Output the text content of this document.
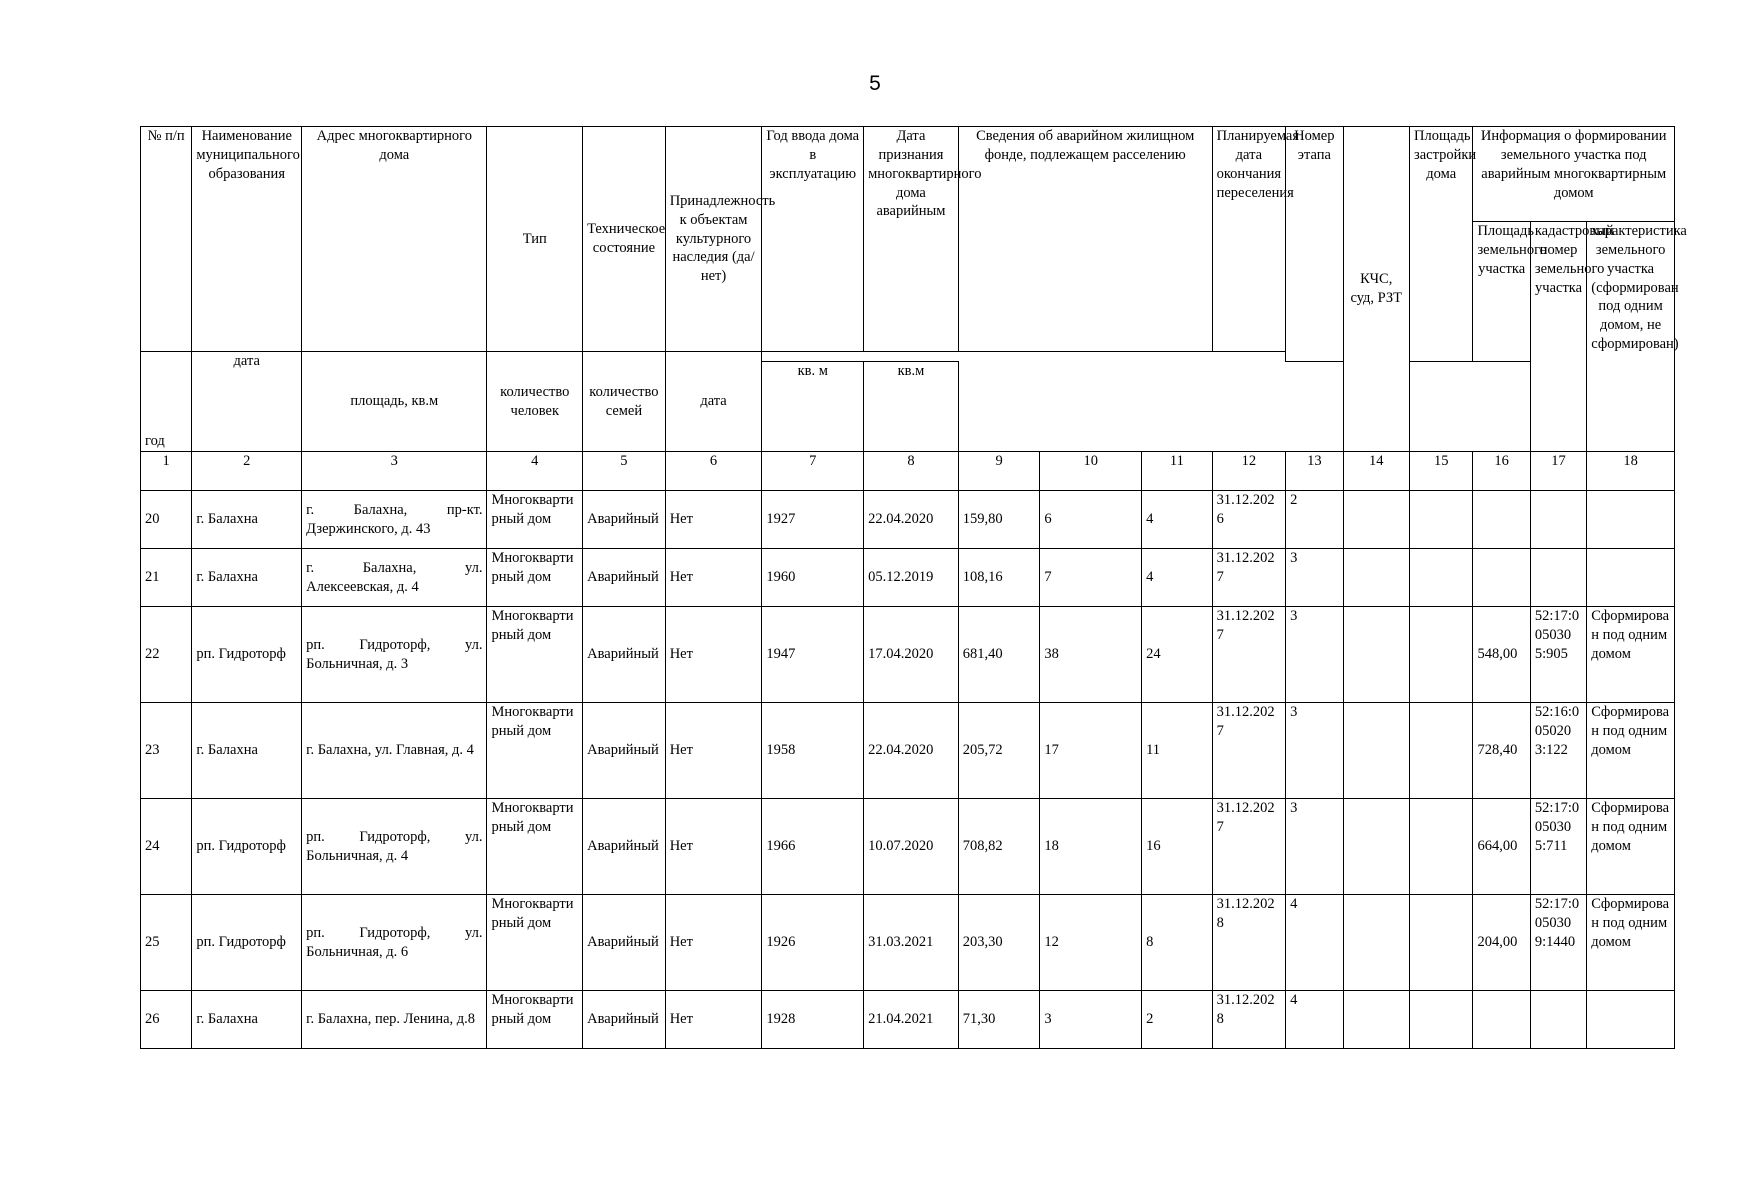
5
№ п/п	Наименование муниципального образования	Адрес многоквартирного дома	Тип	Техническое состояние	Принадлежность к объектам культурного наследия (да/нет)	Год ввода дома в эксплуатацию	Дата признания многоквартирного дома аварийным	Сведения об аварийном жилищном фонде, подлежащем расселению			Планируемая дата окончания переселения	Номер этапа	КЧС, суд, РЗТ	Площадь застройки дома	Информация о формировании земельного участка под аварийным многоквартирным домом		
															Площадь земельного участка	кадастровый номер земельного участка	характеристика земельного участка (сформирован под одним домом, не сформирован)
год	дата	площадь, кв.м	количество человек	количество семей	дата												
						кв. м	кв.м										
1	2	3	4	5	6	7	8	9	10	11	12	13	14	15	16	17	18
20	г. Балахна	г. Балахна, пр-кт. Дзержинского, д. 43	Многоквартирный дом	Аварийный	Нет	1927	22.04.2020	159,80	6	4	31.12.2026	2					
21	г. Балахна	г. Балахна, ул. Алексеевская, д. 4	Многоквартирный дом	Аварийный	Нет	1960	05.12.2019	108,16	7	4	31.12.2027	3					
22	рп. Гидроторф	рп. Гидроторф, ул. Больничная, д. 3	Многоквартирный дом	Аварийный	Нет	1947	17.04.2020	681,40	38	24	31.12.2027	3			548,00	52:17:0050305:905	Сформирован под одним домом
23	г. Балахна	г. Балахна, ул. Главная, д. 4	Многоквартирный дом	Аварийный	Нет	1958	22.04.2020	205,72	17	11	31.12.2027	3			728,40	52:16:0050203:122	Сформирован под одним домом
24	рп. Гидроторф	рп. Гидроторф, ул. Больничная, д. 4	Многоквартирный дом	Аварийный	Нет	1966	10.07.2020	708,82	18	16	31.12.2027	3			664,00	52:17:0050305:711	Сформирован под одним домом
25	рп. Гидроторф	рп. Гидроторф, ул. Больничная, д. 6	Многоквартирный дом	Аварийный	Нет	1926	31.03.2021	203,30	12	8	31.12.2028	4			204,00	52:17:0050309:1440	Сформирован под одним домом
26	г. Балахна	г. Балахна, пер. Ленина, д.8	Многоквартирный дом	Аварийный	Нет	1928	21.04.2021	71,30	3	2	31.12.2028	4					
